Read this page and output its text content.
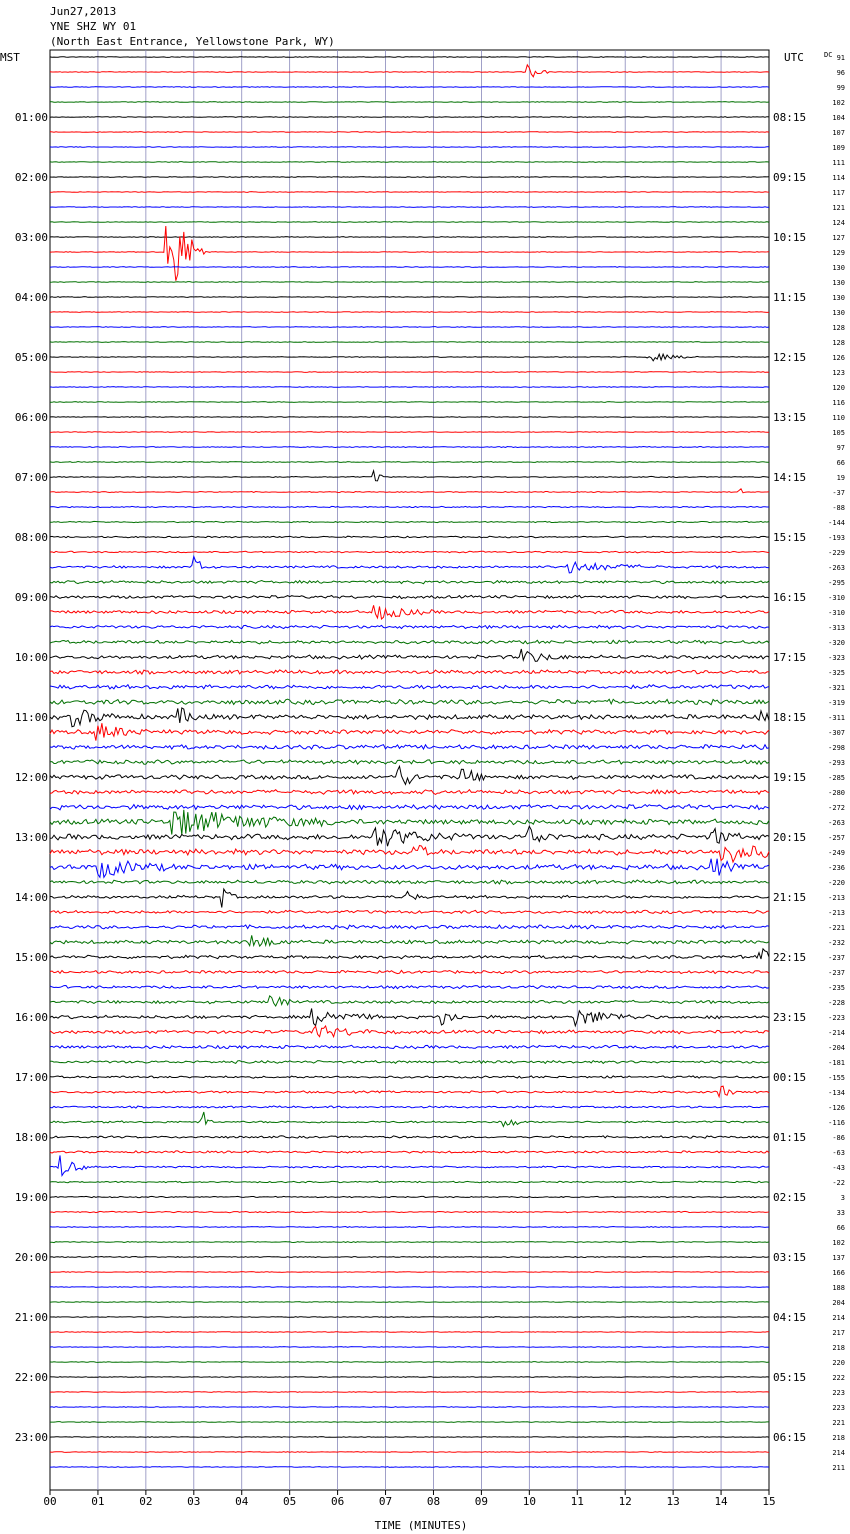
Jun27,2013
YNE SHZ WY 01
(North East Entrance, Yellowstone Park, WY)
91
96
99
102
104
107
109
111
114
117
121
124
127
129
130
130
130
130
128
128
126
123
120
116
110
105
97
66
19
-37
-88
-144
-193
-229
-263
-295
-310
-310
-313
-320
-323
-325
-321
-319
-311
-307
-298
-293
-285
-280
-272
-263
-257
-249
-236
-220
-213
-213
-221
-232
-237
-237
-235
-228
-223
-214
-204
-181
-155
-134
-126
-116
-86
-63
-43
-22
3
33
66
102
137
166
188
204
214
217
218
220
222
223
223
221
218
214
211
MST	UTC	DC
01:00
02:00
03:00
04:00
05:00
06:00
07:00
08:00
09:00
10:00
11:00
12:00
13:00
14:00
15:00
16:00
17:00
18:00
19:00
20:00
21:00
22:00
23:00
08:15
09:15
10:15
11:15
12:15
13:15
14:15
15:15
16:15
17:15
18:15
19:15
20:15
21:15
22:15
23:15
00:15
01:15
02:15
03:15
04:15
05:15
06:15
00	01	02	03	04	05	06	07	08	09	10	11	12	13	14	15
TIME (MINUTES)
